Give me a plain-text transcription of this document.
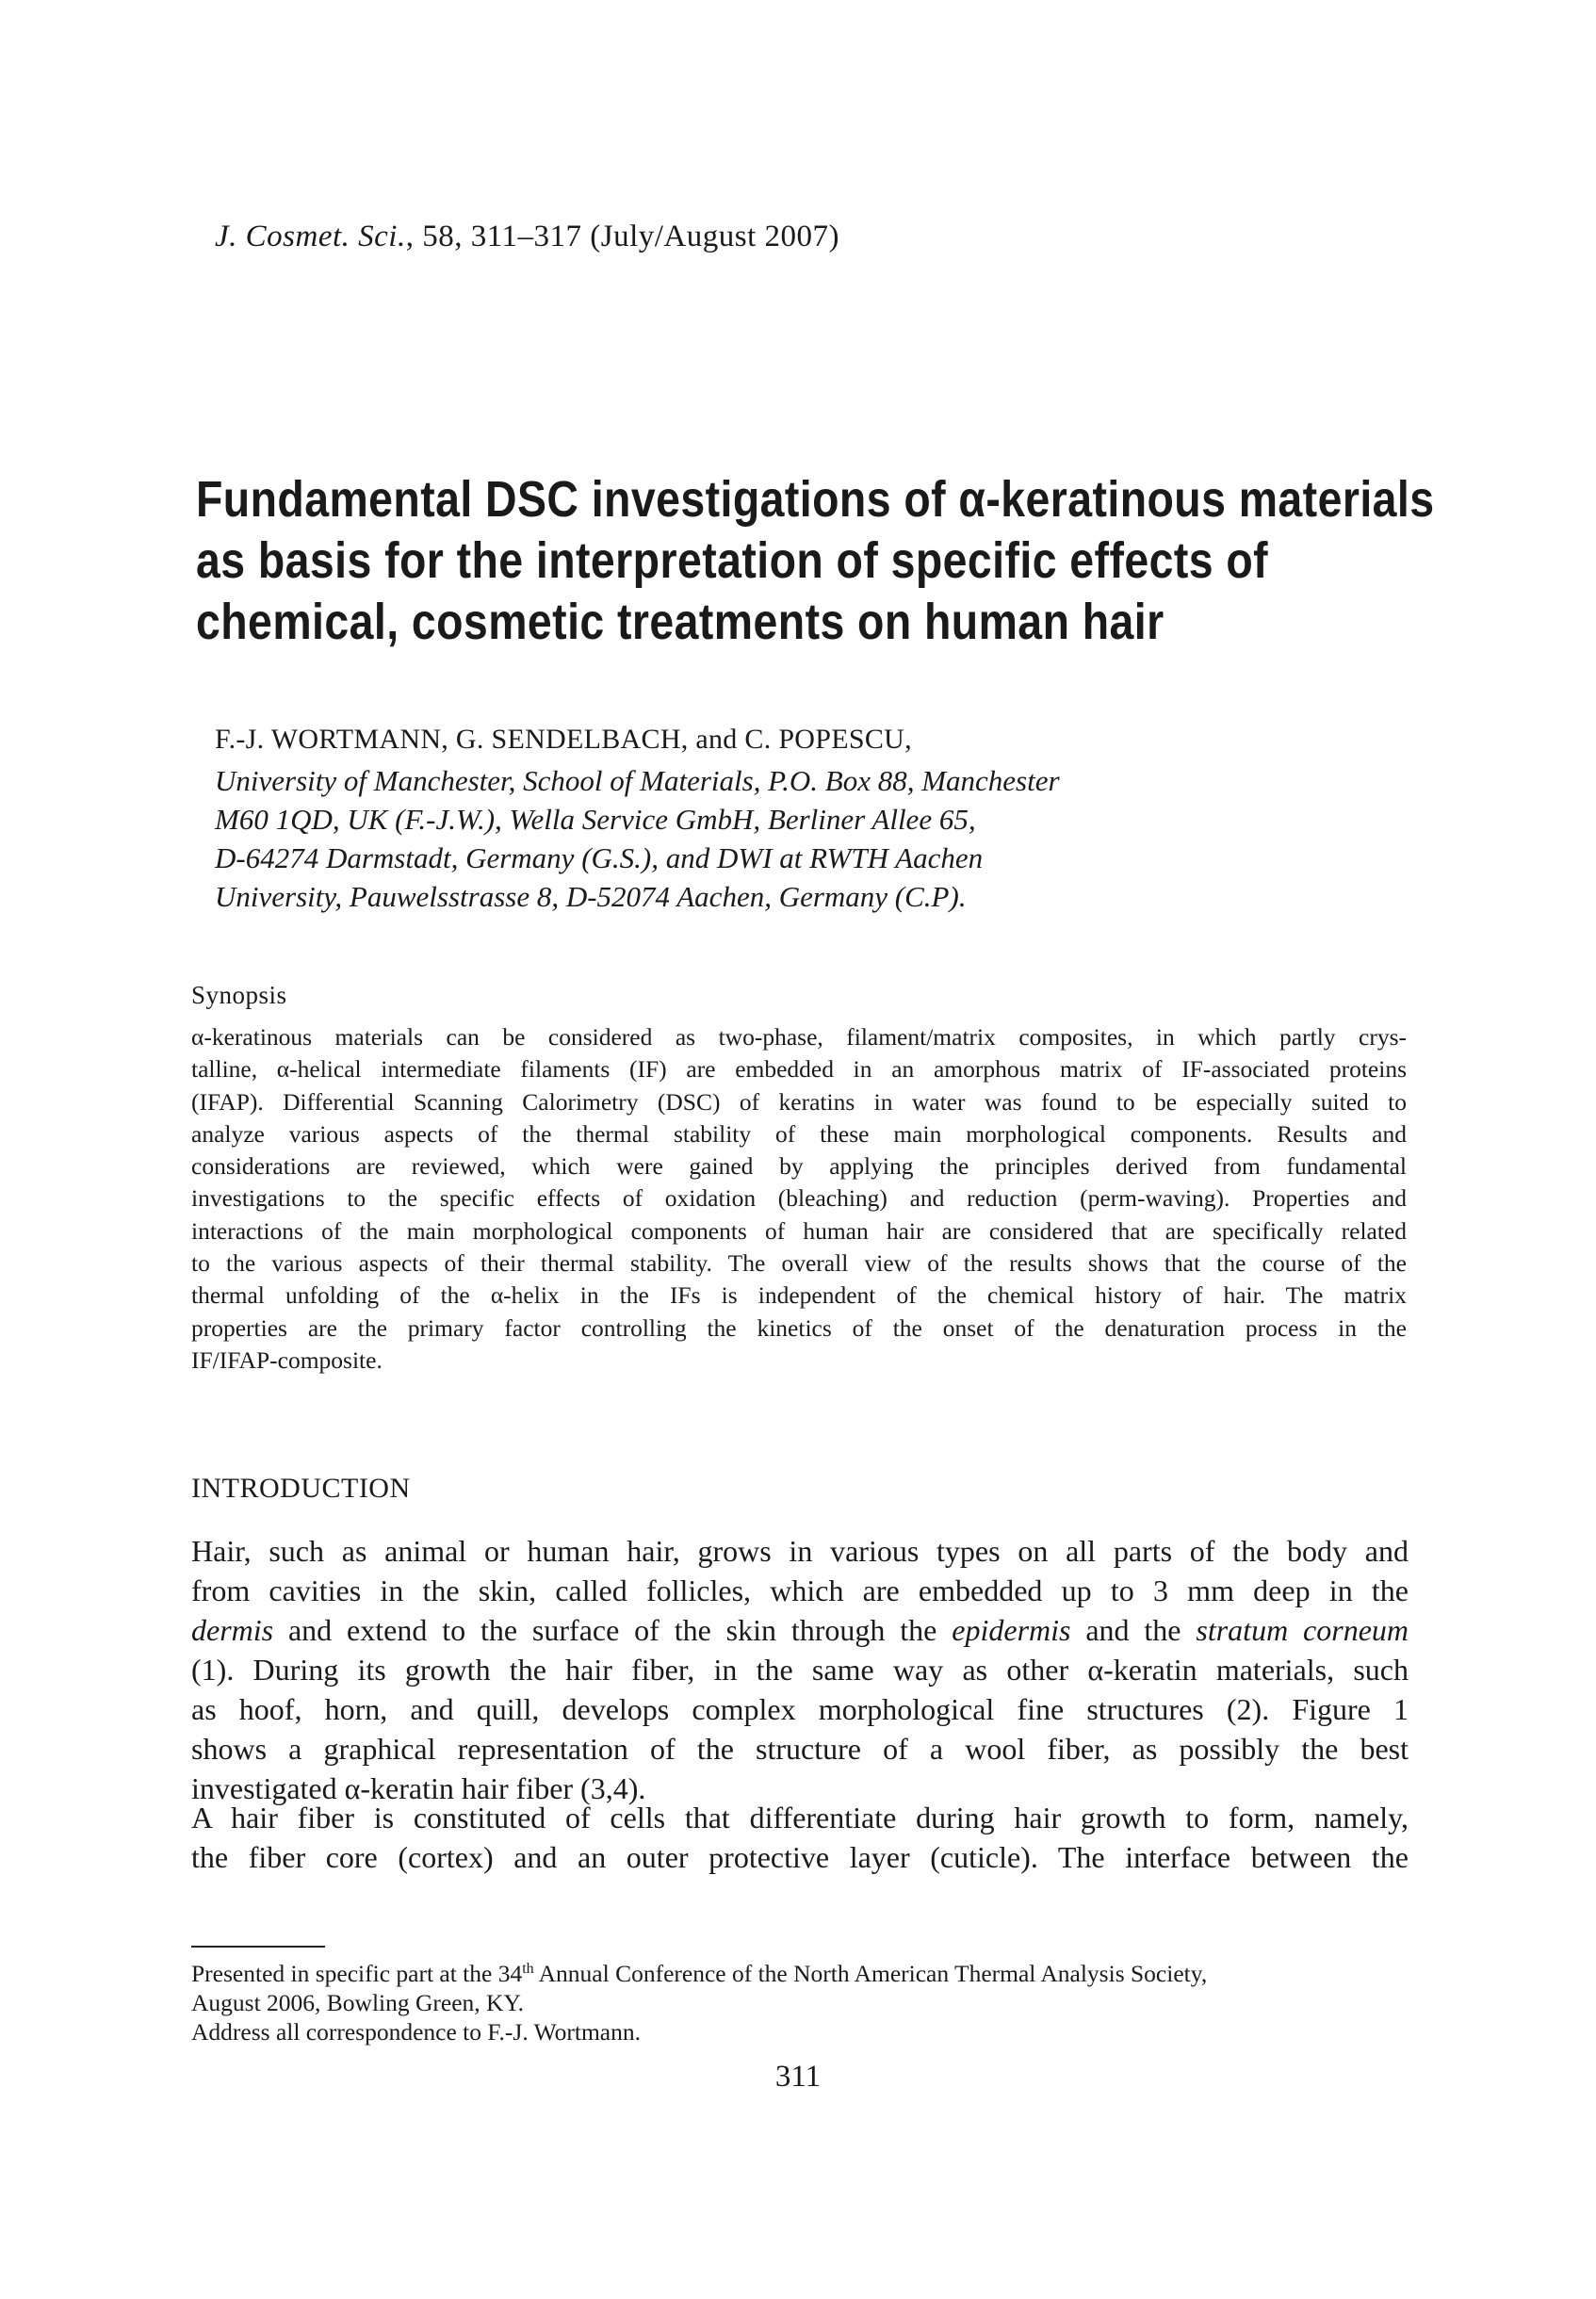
J. Cosmet. Sci., 58, 311–317 (July/August 2007)
Fundamental DSC investigations of α-keratinous materials
as basis for the interpretation of specific effects of
chemical, cosmetic treatments on human hair
F.-J. WORTMANN, G. SENDELBACH, and C. POPESCU,
University of Manchester, School of Materials, P.O. Box 88, Manchester
M60 1QD, UK (F.-J.W.), Wella Service GmbH, Berliner Allee 65,
D-64274 Darmstadt, Germany (G.S.), and DWI at RWTH Aachen
University, Pauwelsstrasse 8, D-52074 Aachen, Germany (C.P).
Synopsis
α-keratinous materials can be considered as two-phase, filament/matrix composites, in which partly crys-
talline, α-helical intermediate filaments (IF) are embedded in an amorphous matrix of IF-associated proteins
(IFAP). Differential Scanning Calorimetry (DSC) of keratins in water was found to be especially suited to
analyze various aspects of the thermal stability of these main morphological components. Results and
considerations are reviewed, which were gained by applying the principles derived from fundamental
investigations to the specific effects of oxidation (bleaching) and reduction (perm-waving). Properties and
interactions of the main morphological components of human hair are considered that are specifically related
to the various aspects of their thermal stability. The overall view of the results shows that the course of the
thermal unfolding of the α-helix in the IFs is independent of the chemical history of hair. The matrix
properties are the primary factor controlling the kinetics of the onset of the denaturation process in the
IF/IFAP-composite.
INTRODUCTION
Hair, such as animal or human hair, grows in various types on all parts of the body and
from cavities in the skin, called follicles, which are embedded up to 3 mm deep in the
dermis and extend to the surface of the skin through the epidermis and the stratum corneum
(1). During its growth the hair fiber, in the same way as other α-keratin materials, such
as hoof, horn, and quill, develops complex morphological fine structures (2). Figure 1
shows a graphical representation of the structure of a wool fiber, as possibly the best
investigated α-keratin hair fiber (3,4).
A hair fiber is constituted of cells that differentiate during hair growth to form, namely,
the fiber core (cortex) and an outer protective layer (cuticle). The interface between the
Presented in specific part at the 34th Annual Conference of the North American Thermal Analysis Society,
August 2006, Bowling Green, KY.
Address all correspondence to F.-J. Wortmann.
311
